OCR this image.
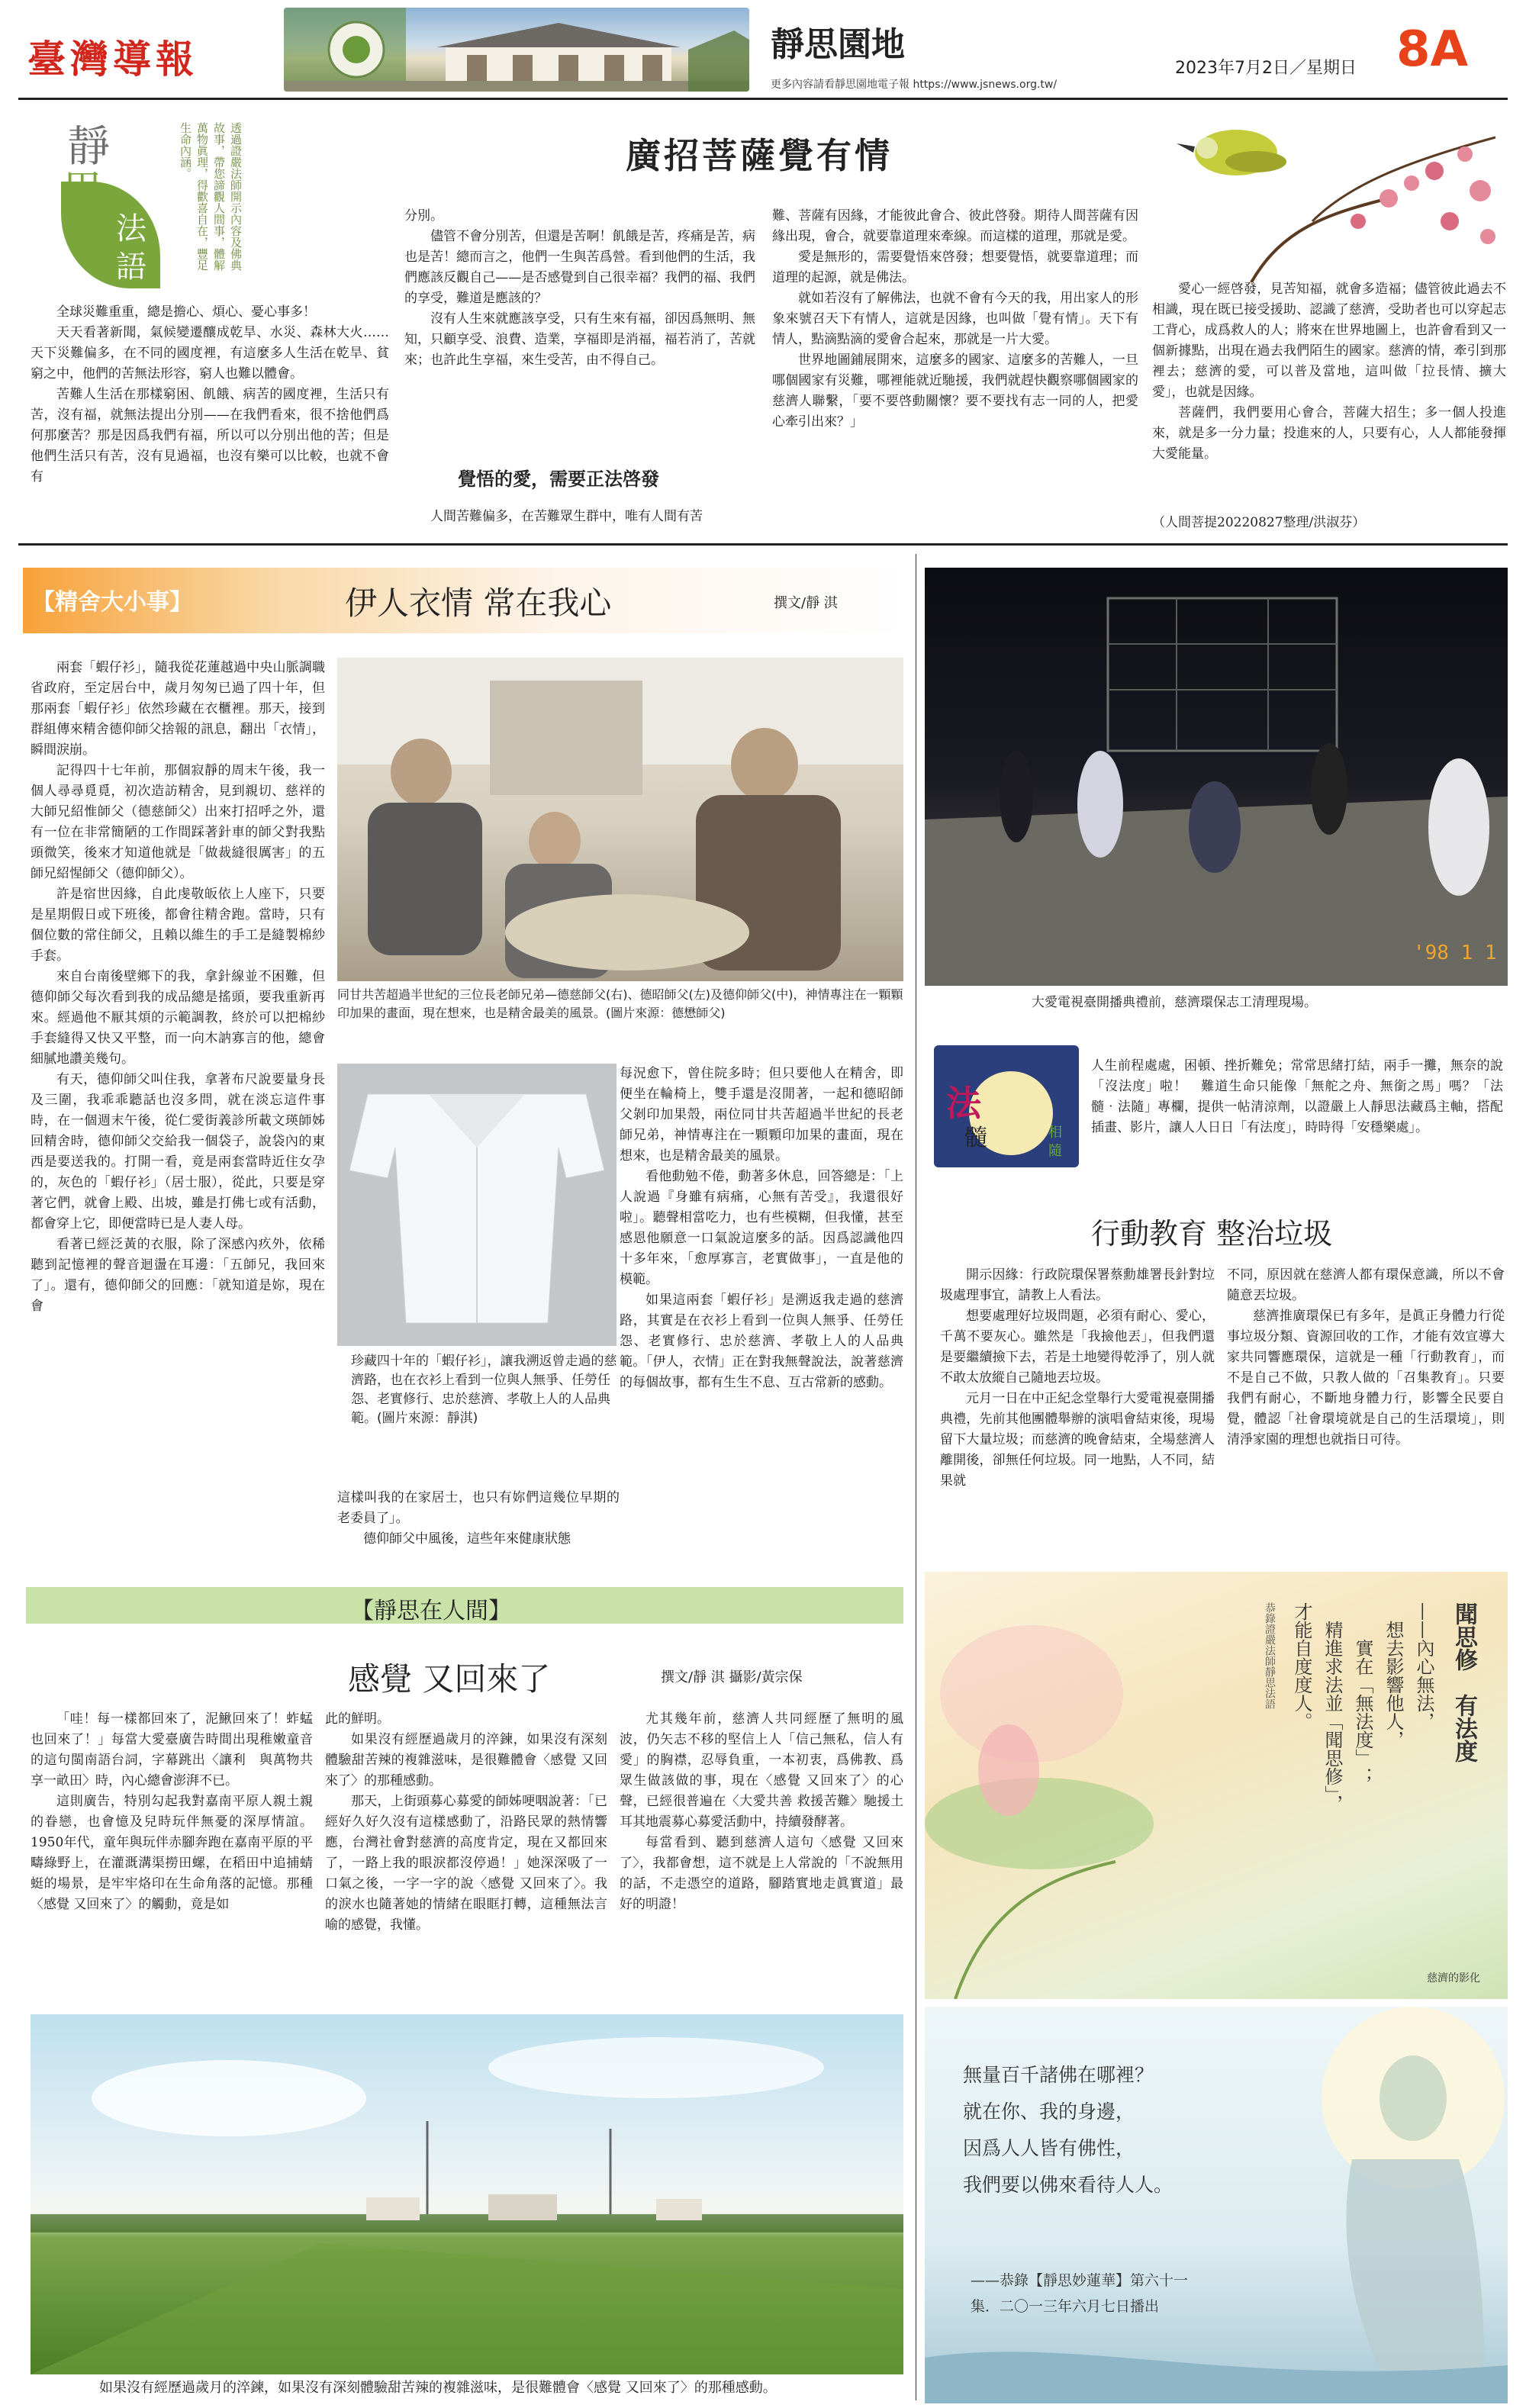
臺灣導報	靜思園地
更多內容請看靜思園地電子報 https://www.jsnews.org.tw/
2023年7月2日／星期日 8A
靜
思
法
語	透過證嚴法師開示內容及佛典故事，帶您諦觀人間事，體解萬物眞理，得歡喜自在，豐足生命內涵。	廣招菩薩覺有情

全球災難重重，總是擔心、煩心、憂心事多！

天天看著新聞，氣候變遷釀成乾旱、水災、森林大火……天下災難偏多，在不同的國度裡，有這麼多人生活在乾旱、貧窮之中，他們的苦無法形容，窮人也難以體會。

苦難人生活在那樣窮困、飢餓、病苦的國度裡，生活只有苦，沒有福，就無法提出分別——在我們看來，很不捨他們爲何那麼苦？那是因爲我們有福，所以可以分別出他的苦；但是他們生活只有苦，沒有見過福，也沒有樂可以比較，也就不會有

分別。

儘管不會分別苦，但還是苦啊！飢餓是苦，疼痛是苦，病也是苦！總而言之，他們一生與苦爲營。看到他們的生活，我們應該反觀自己——是否感覺到自己很幸福？我們的福、我們的享受，難道是應該的？

沒有人生來就應該享受，只有生來有福，卻因爲無明、無知，只顧享受、浪費、造業，享福即是消福，福若消了，苦就來；也許此生享福，來生受苦，由不得自己。

覺悟的愛，需要正法啓發

人間苦難偏多，在苦難眾生群中，唯有人間有苦

難、菩薩有因緣，才能彼此會合、彼此啓發。期待人間菩薩有因緣出現，會合，就要靠道理來牽線。而這樣的道理，那就是愛。

愛是無形的，需要覺悟來啓發；想要覺悟，就要靠道理；而道理的起源，就是佛法。

就如若沒有了解佛法，也就不會有今天的我，用出家人的形象來號召天下有情人，這就是因緣，也叫做「覺有情」。天下有情人，點滴點滴的愛會合起來，那就是一片大愛。

世界地圖鋪展開來，這麼多的國家、這麼多的苦難人，一旦哪個國家有災難，哪裡能就近馳援，我們就趕快觀察哪個國家的慈濟人聯繫，「要不要啓動關懷？要不要找有志一同的人，把愛心牽引出來？」

愛心一經啓發，見苦知福，就會多造福；儘管彼此過去不相識，現在既已接受援助、認識了慈濟，受助者也可以穿起志工背心，成爲救人的人；將來在世界地圖上，也許會看到又一個新據點，出現在過去我們陌生的國家。慈濟的情，牽引到那裡去；慈濟的愛，可以普及當地，這叫做「拉長情、擴大愛」，也就是因緣。

菩薩們，我們要用心會合，菩薩大招生；多一個人投進來，就是多一分力量；投進來的人，只要有心，人人都能發揮大愛能量。

（人間菩提20220827整理/洪淑芬）
【精舍大小事】	伊人衣情 常在我心	撰文/靜 淇

兩套「蝦仔衫」，隨我從花蓮越過中央山脈調職省政府，至定居台中，歲月匆匆已過了四十年，但那兩套「蝦仔衫」依然珍藏在衣櫃裡。那天，接到群組傳來精舍德仰師父捨報的訊息，翻出「衣情」，瞬間淚崩。

記得四十七年前，那個寂靜的周末午後，我一個人尋尋覓覓，初次造訪精舍，見到親切、慈祥的大師兄紹惟師父（德慈師父）出來打招呼之外，還有一位在非常簡陋的工作間踩著針車的師父對我點頭微笑，後來才知道他就是「做裁縫很厲害」的五師兄紹惺師父（德仰師父）。

許是宿世因緣，自此虔敬皈依上人座下，只要是星期假日或下班後，都會往精舍跑。當時，只有個位數的常住師父，且賴以維生的手工是縫製棉紗手套。

來自台南後壁鄉下的我，拿針線並不困難，但德仰師父每次看到我的成品總是搖頭，要我重新再來。經過他不厭其煩的示範調教，終於可以把棉紗手套縫得又快又平整，而一向木訥寡言的他，總會細膩地讚美幾句。

有天，德仰師父叫住我，拿著布尺說要量身長及三圍，我乖乖聽話也沒多問，就在淡忘這件事時，在一個週末午後，從仁愛街義診所載文瑛師姊回精舍時，德仰師父交給我一個袋子，說袋內的東西是要送我的。打開一看，竟是兩套當時近住女孕的，灰色的「蝦仔衫」（居士服），從此，只要是穿著它們，就會上殿、出坡，雖是打佛七或有活動，都會穿上它，即便當時已是人妻人母。

看著已經泛黃的衣服，除了深感內疚外，依稀聽到記憶裡的聲音迴盪在耳邊：「五師兄，我回來了」。還有，德仰師父的回應：「就知道是妳，現在會

同甘共苦超過半世紀的三位長老師兄弟—德慈師父(右)、德昭師父(左)及德仰師父(中)，神情專注在一顆顆印加果的畫面，現在想來，也是精舍最美的風景。(圖片來源：德懋師父)
珍藏四十年的「蝦仔衫」，讓我溯返曾走過的慈濟路，也在衣衫上看到一位與人無爭、任勞任怨、老實修行、忠於慈濟、孝敬上人的人品典範。(圖片來源：靜淇)

這樣叫我的在家居士，也只有妳們這幾位早期的老委員了」。

德仰師父中風後，這些年來健康狀態

每況愈下，曾住院多時；但只要他人在精舍，即便坐在輪椅上，雙手還是沒閒著，一起和德昭師父剝印加果殼，兩位同甘共苦超過半世紀的長老師兄弟，神情專注在一顆顆印加果的畫面，現在想來，也是精舍最美的風景。

看他動勉不倦，動著多休息，回答總是：「上人說過『身雖有病痛，心無有苦受』，我還很好啦」。聽聲相當吃力，也有些模糊，但我懂，甚至感恩他願意一口氣說這麼多的話。因爲認識他四十多年來，「愈厚寡言，老實做事」，一直是他的模範。

如果這兩套「蝦仔衫」是溯返我走過的慈濟路，其實是在衣衫上看到一位與人無爭、任勞任怨、老實修行、忠於慈濟、孝敬上人的人品典範。「伊人，衣情」正在對我無聲說法，說著慈濟的每個故事，都有生生不息、互古常新的感動。

【靜思在人間】
感覺 又回來了	撰文/靜 淇 攝影/黃宗保

「哇！每一樣都回來了，泥鰍回來了！蚱蜢也回來了！」每當大愛臺廣告時間出現稚嫩童音的這句閩南語台詞，字幕跳出〈讓利　與萬物共享一畝田〉時，內心總會澎湃不已。

這則廣告，特別勾起我對嘉南平原人親土親的眷戀，也會憶及兒時玩伴無憂的深厚情誼。1950年代，童年與玩伴赤腳奔跑在嘉南平原的平疇綠野上，在灌溉溝渠撈田螺，在稻田中追捕蜻蜓的場景，是牢牢烙印在生命角落的記憶。那種〈感覺 又回來了〉的觸動，竟是如

此的鮮明。

如果沒有經歷過歲月的淬鍊，如果沒有深刻體驗甜苦辣的複雜滋味，是很難體會〈感覺 又回來了〉的那種感動。

那天，上街頭募心募愛的師姊哽咽說著：「已經好久好久沒有這樣感動了，沿路民眾的熱情響應，台灣社會對慈濟的高度肯定，現在又都回來了，一路上我的眼淚都沒停過！」她深深吸了一口氣之後，一字一字的說〈感覺 又回來了〉。我的淚水也隨著她的情緒在眼眶打轉，這種無法言喻的感覺，我懂。

尤其幾年前，慈濟人共同經歷了無明的風波，仍矢志不移的堅信上人「信己無私，信人有愛」的胸襟，忍辱負重，一本初衷，爲佛教、爲眾生做該做的事，現在〈感覺 又回來了〉的心聲，已經很普遍在〈大愛共善 救援苦難〉馳援土耳其地震募心募愛活動中，持續發酵著。

每當看到、聽到慈濟人這句〈感覺 又回來了〉，我都會想，這不就是上人常說的「不說無用的話，不走憑空的道路，腳踏實地走眞實道」最好的明證！

如果沒有經歷過歲月的淬鍊，如果沒有深刻體驗甜苦辣的複雜滋味，是很難體會〈感覺 又回來了〉的那種感動。
'98 1 1
大愛電視臺開播典禮前，慈濟環保志工清理現場。
法
髓	相
隨
人生前程處處，困頓、挫折難免；常常思緒打結，兩手一攤，無奈的說「沒法度」啦！　難道生命只能像「無舵之舟、無銜之馬」嗎？「法髓‧法隨」專欄，提供一帖清涼劑，以證嚴上人靜思法藏爲主軸，搭配插畫、影片，讓人人日日「有法度」，時時得「安穩樂處」。
行動教育 整治垃圾

開示因緣：行政院環保署蔡勳雄署長針對垃圾處理事宜，請教上人看法。

想要處理好垃圾問題，必須有耐心、愛心，千萬不要灰心。雖然是「我撿他丟」，但我們還是要繼續撿下去，若是土地變得乾淨了，別人就不敢太放縱自己隨地丟垃圾。

元月一日在中正紀念堂舉行大愛電視臺開播典禮，先前其他團體舉辦的演唱會結束後，現場留下大量垃圾；而慈濟的晚會結束，全場慈濟人離開後，卻無任何垃圾。同一地點，人不同，結果就

不同，原因就在慈濟人都有環保意識，所以不會隨意丟垃圾。

慈濟推廣環保已有多年，是眞正身體力行從事垃圾分類、資源回收的工作，才能有效宣導大家共同響應環保，這就是一種「行動教育」，而不是自己不做，只教人做的「召集教育」。只要我們有耐心，不斷地身體力行，影響全民要自覺，體認「社會環境就是自己的生活環境」，則清淨家園的理想也就指日可待。

聞思修　有法度
——內心無法，
　想去影響他人，
　　實在「無法度」；
　精進求法並「聞思修」，
才能自度度人。
恭錄證嚴法師靜思法語
慈濟的影化
無量百千諸佛在哪裡？
就在你、我的身邊，
因爲人人皆有佛性，
我們要以佛來看待人人。
——恭錄【靜思妙蓮華】第六十一
集．二〇一三年六月七日播出
